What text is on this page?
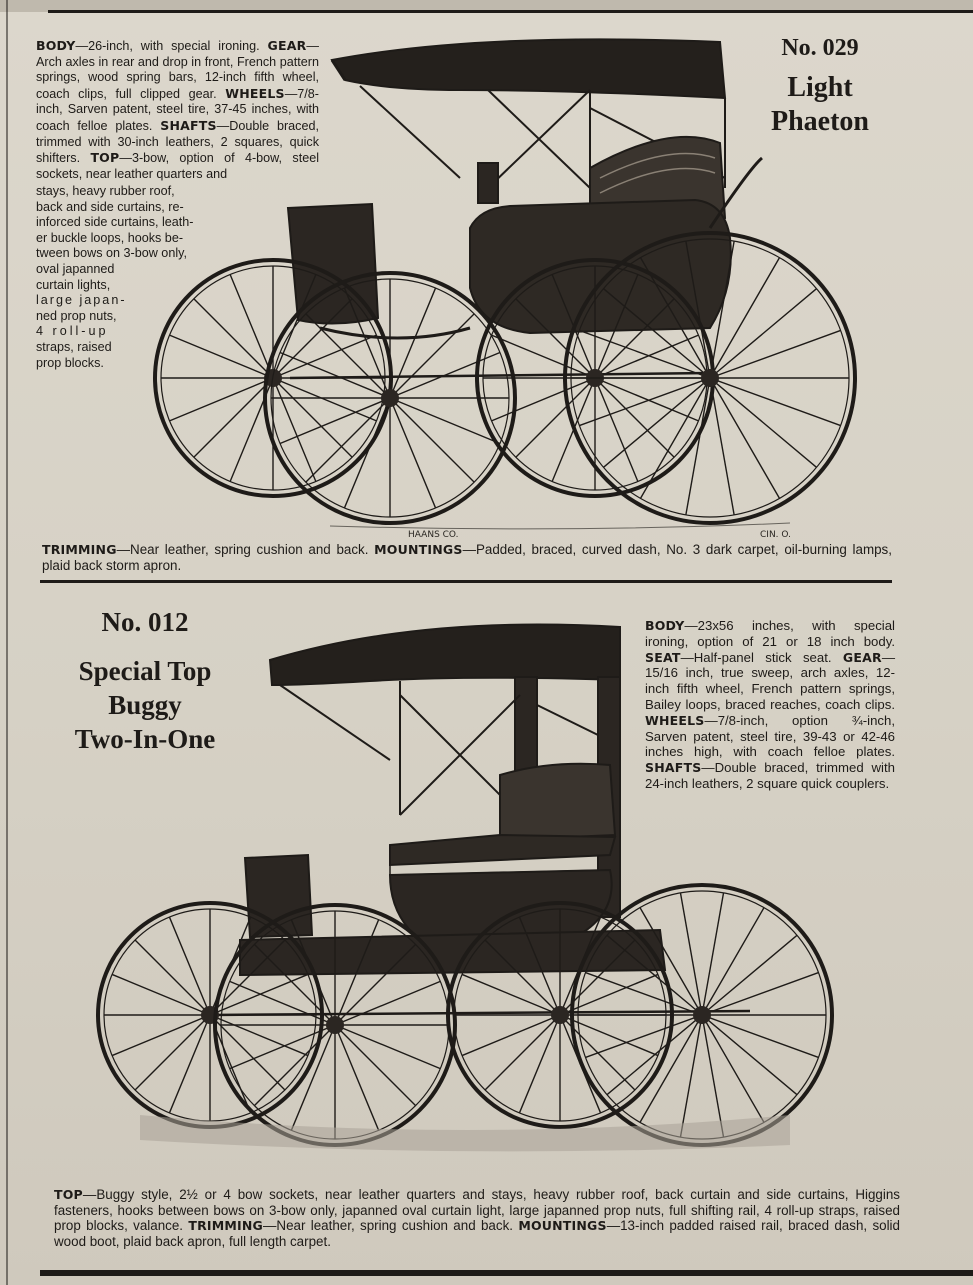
No. 029
Light
Phaeton
BODY—26-inch, with special ironing. GEAR—Arch axles in rear and drop in front, French pattern springs, wood spring bars, 12-inch fifth wheel, coach clips, full clipped gear. WHEELS—7/8-inch, Sarven patent, steel tire, 37-45 inches, with coach felloe plates. SHAFTS—Double braced, trimmed with 30-inch leathers, 2 squares, quick shifters. TOP—3-bow, option of 4-bow, steel sockets, near leather quarters and
stays, heavy rubber roof,
back and side curtains, re-
inforced side curtains, leath-
er buckle loops, hooks be-
tween bows on 3-bow only,
oval japanned
curtain lights,
large japan-
ned prop nuts,
4 roll-up
straps, raised
prop blocks.
HAANS CO.	CIN. O.
TRIMMING—Near leather, spring cushion and back. MOUNTINGS—Padded, braced, curved dash, No. 3 dark carpet, oil-burning lamps, plaid back storm apron.
No. 012
Special Top
Buggy
Two-In-One
BODY—23x56 inches, with special ironing, option of 21 or 18 inch body. SEAT—Half-panel stick seat. GEAR—15/16 inch, true sweep, arch axles, 12-inch fifth wheel, French pattern springs, Bailey loops, braced reaches, coach clips. WHEELS—7/8-inch, option ¾-inch, Sarven patent, steel tire, 39-43 or 42-46 inches high, with coach felloe plates. SHAFTS—Double braced, trimmed with 24-inch leathers, 2 square quick couplers.
TOP—Buggy style, 2½ or 4 bow sockets, near leather quarters and stays, heavy rubber roof, back curtain and side curtains, Higgins fasteners, hooks between bows on 3-bow only, japanned oval curtain light, large japanned prop nuts, full shifting rail, 4 roll-up straps, raised prop blocks, valance. TRIMMING—Near leather, spring cushion and back. MOUNTINGS—13-inch padded raised rail, braced dash, solid wood boot, plaid back apron, full length carpet.
